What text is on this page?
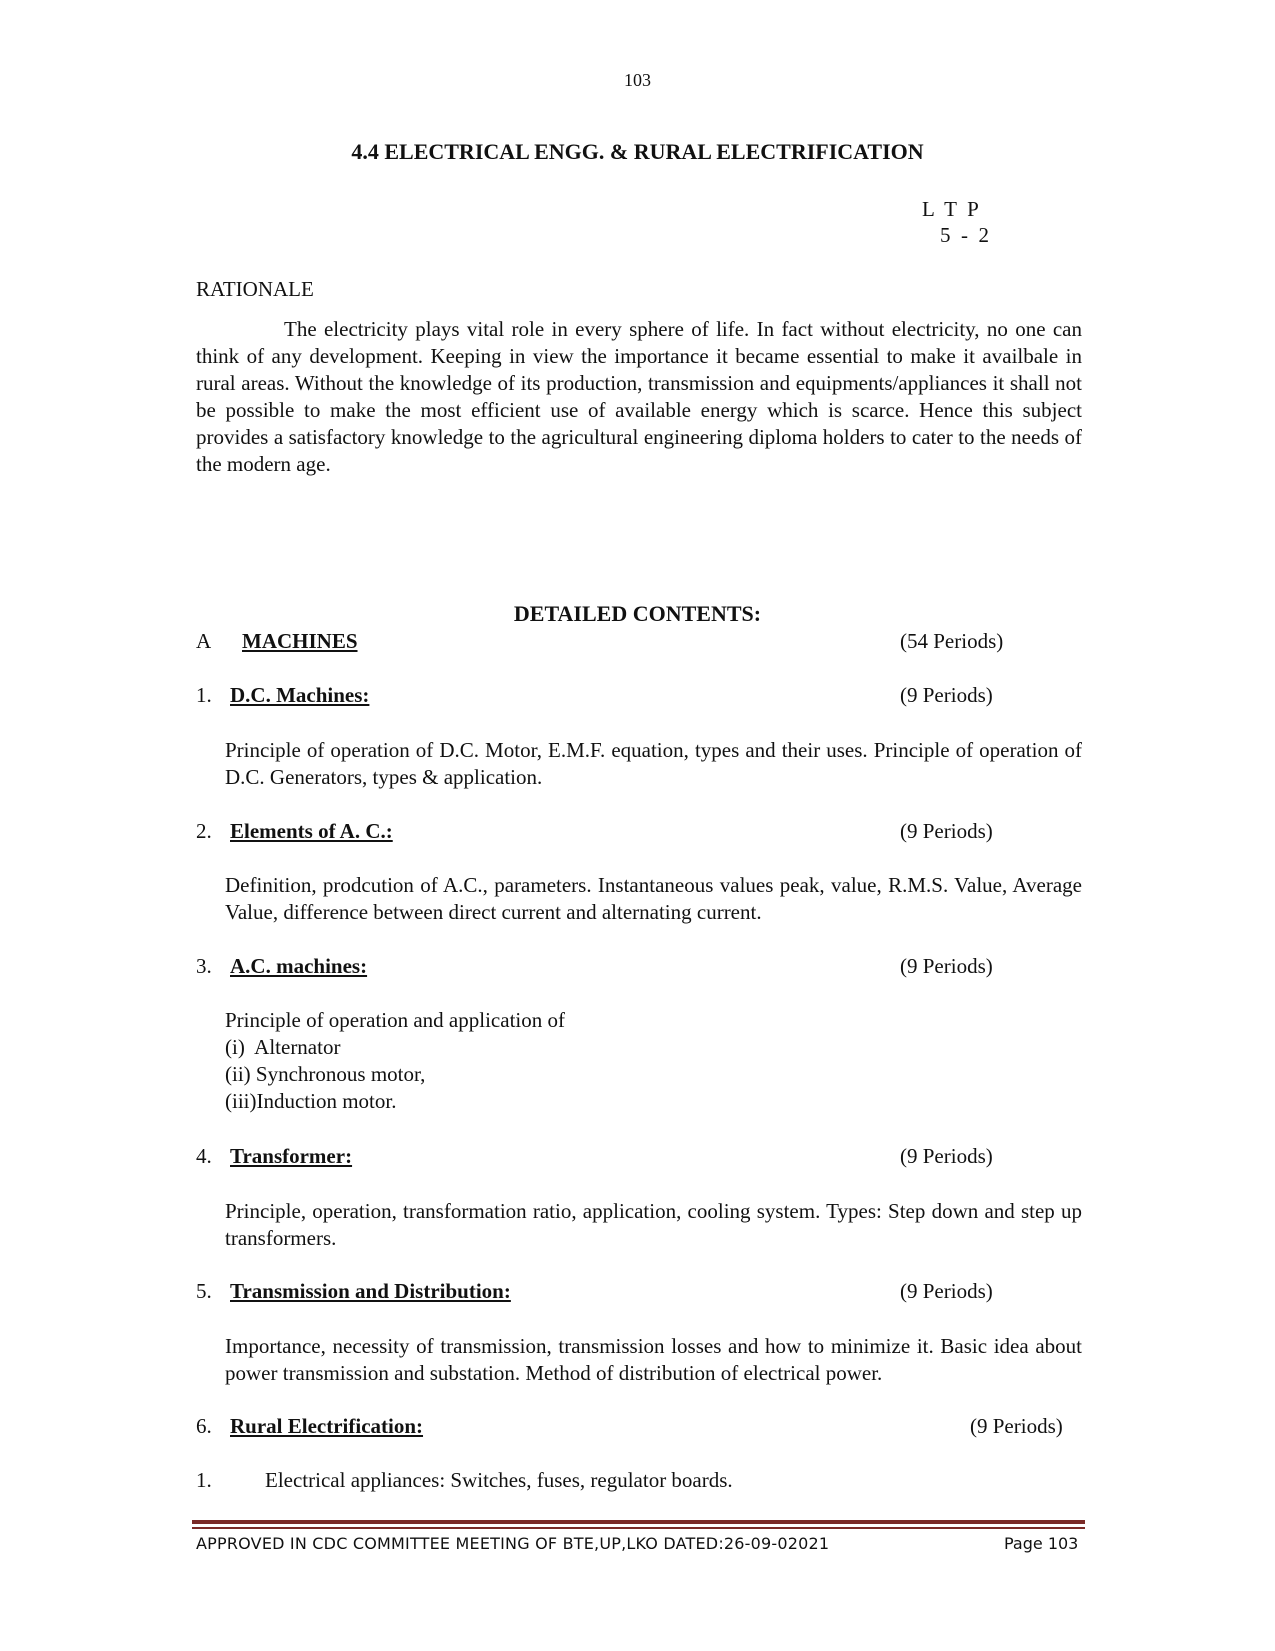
103
4.4 ELECTRICAL ENGG. & RURAL ELECTRIFICATION
L  T  P
5  -  2
RATIONALE
The electricity plays vital role in every sphere of life. In fact without electricity, no one can think of any development. Keeping in view the importance it became essential to make it availbale in rural areas. Without the knowledge of its production, transmission and equipments/appliances it shall not be possible to make the most efficient use of available energy which is scarce. Hence this subject provides a satisfactory knowledge to the agricultural engineering diploma holders to cater to the needs of the modern age.
DETAILED CONTENTS:
A MACHINES	(54 Periods)
1. D.C. Machines:	(9 Periods)
Principle of operation of D.C. Motor, E.M.F. equation, types and their uses. Principle of operation of D.C. Generators, types & application.
2. Elements of A. C.:	(9 Periods)
Definition, prodcution of A.C., parameters. Instantaneous values peak, value, R.M.S. Value, Average Value, difference between direct current and alternating current.
3. A.C. machines:	(9 Periods)
Principle of operation and application of
(i)  Alternator
(ii) Synchronous motor,
(iii)Induction motor.
4. Transformer:	(9 Periods)
Principle, operation, transformation ratio, application, cooling system. Types: Step down and step up transformers.
5. Transmission and Distribution:	(9 Periods)
Importance, necessity of transmission, transmission losses and how to minimize it. Basic idea about power transmission and substation. Method of distribution of electrical power.
6. Rural Electrification:	(9 Periods)
1.	Electrical appliances: Switches, fuses, regulator boards.
APPROVED IN CDC COMMITTEE MEETING OF BTE,UP,LKO DATED:26-09-02021	Page 103
